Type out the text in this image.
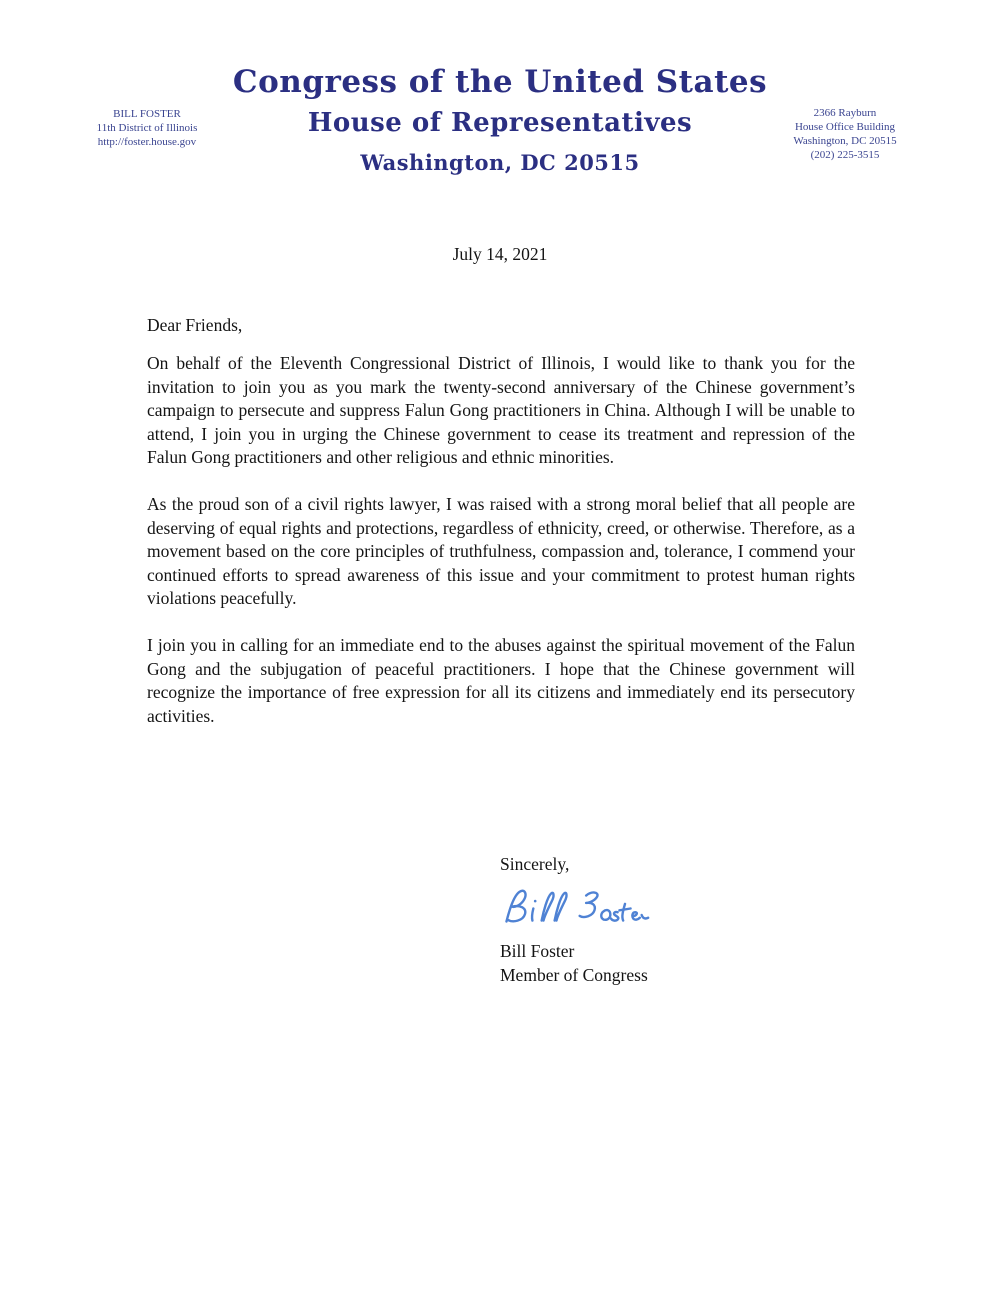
BILL FOSTER
11th District of Illinois
http://foster.house.gov
Congress of the United States
House of Representatives
Washington, DC 20515
2366 Rayburn
House Office Building
Washington, DC 20515
(202) 225-3515
July 14, 2021

Dear Friends,

On behalf of the Eleventh Congressional District of Illinois, I would like to thank you for the invitation to join you as you mark the twenty-second anniversary of the Chinese government’s campaign to persecute and suppress Falun Gong practitioners in China. Although I will be unable to attend, I join you in urging the Chinese government to cease its treatment and repression of the Falun Gong practitioners and other religious and ethnic minorities.

As the proud son of a civil rights lawyer, I was raised with a strong moral belief that all people are deserving of equal rights and protections, regardless of ethnicity, creed, or otherwise. Therefore, as a movement based on the core principles of truthfulness, compassion and, tolerance, I commend your continued efforts to spread awareness of this issue and your commitment to protest human rights violations peacefully.

I join you in calling for an immediate end to the abuses against the spiritual movement of the Falun Gong and the subjugation of peaceful practitioners. I hope that the Chinese government will recognize the importance of free expression for all its citizens and immediately end its persecutory activities.

Sincerely,
Bill Foster
Member of Congress
